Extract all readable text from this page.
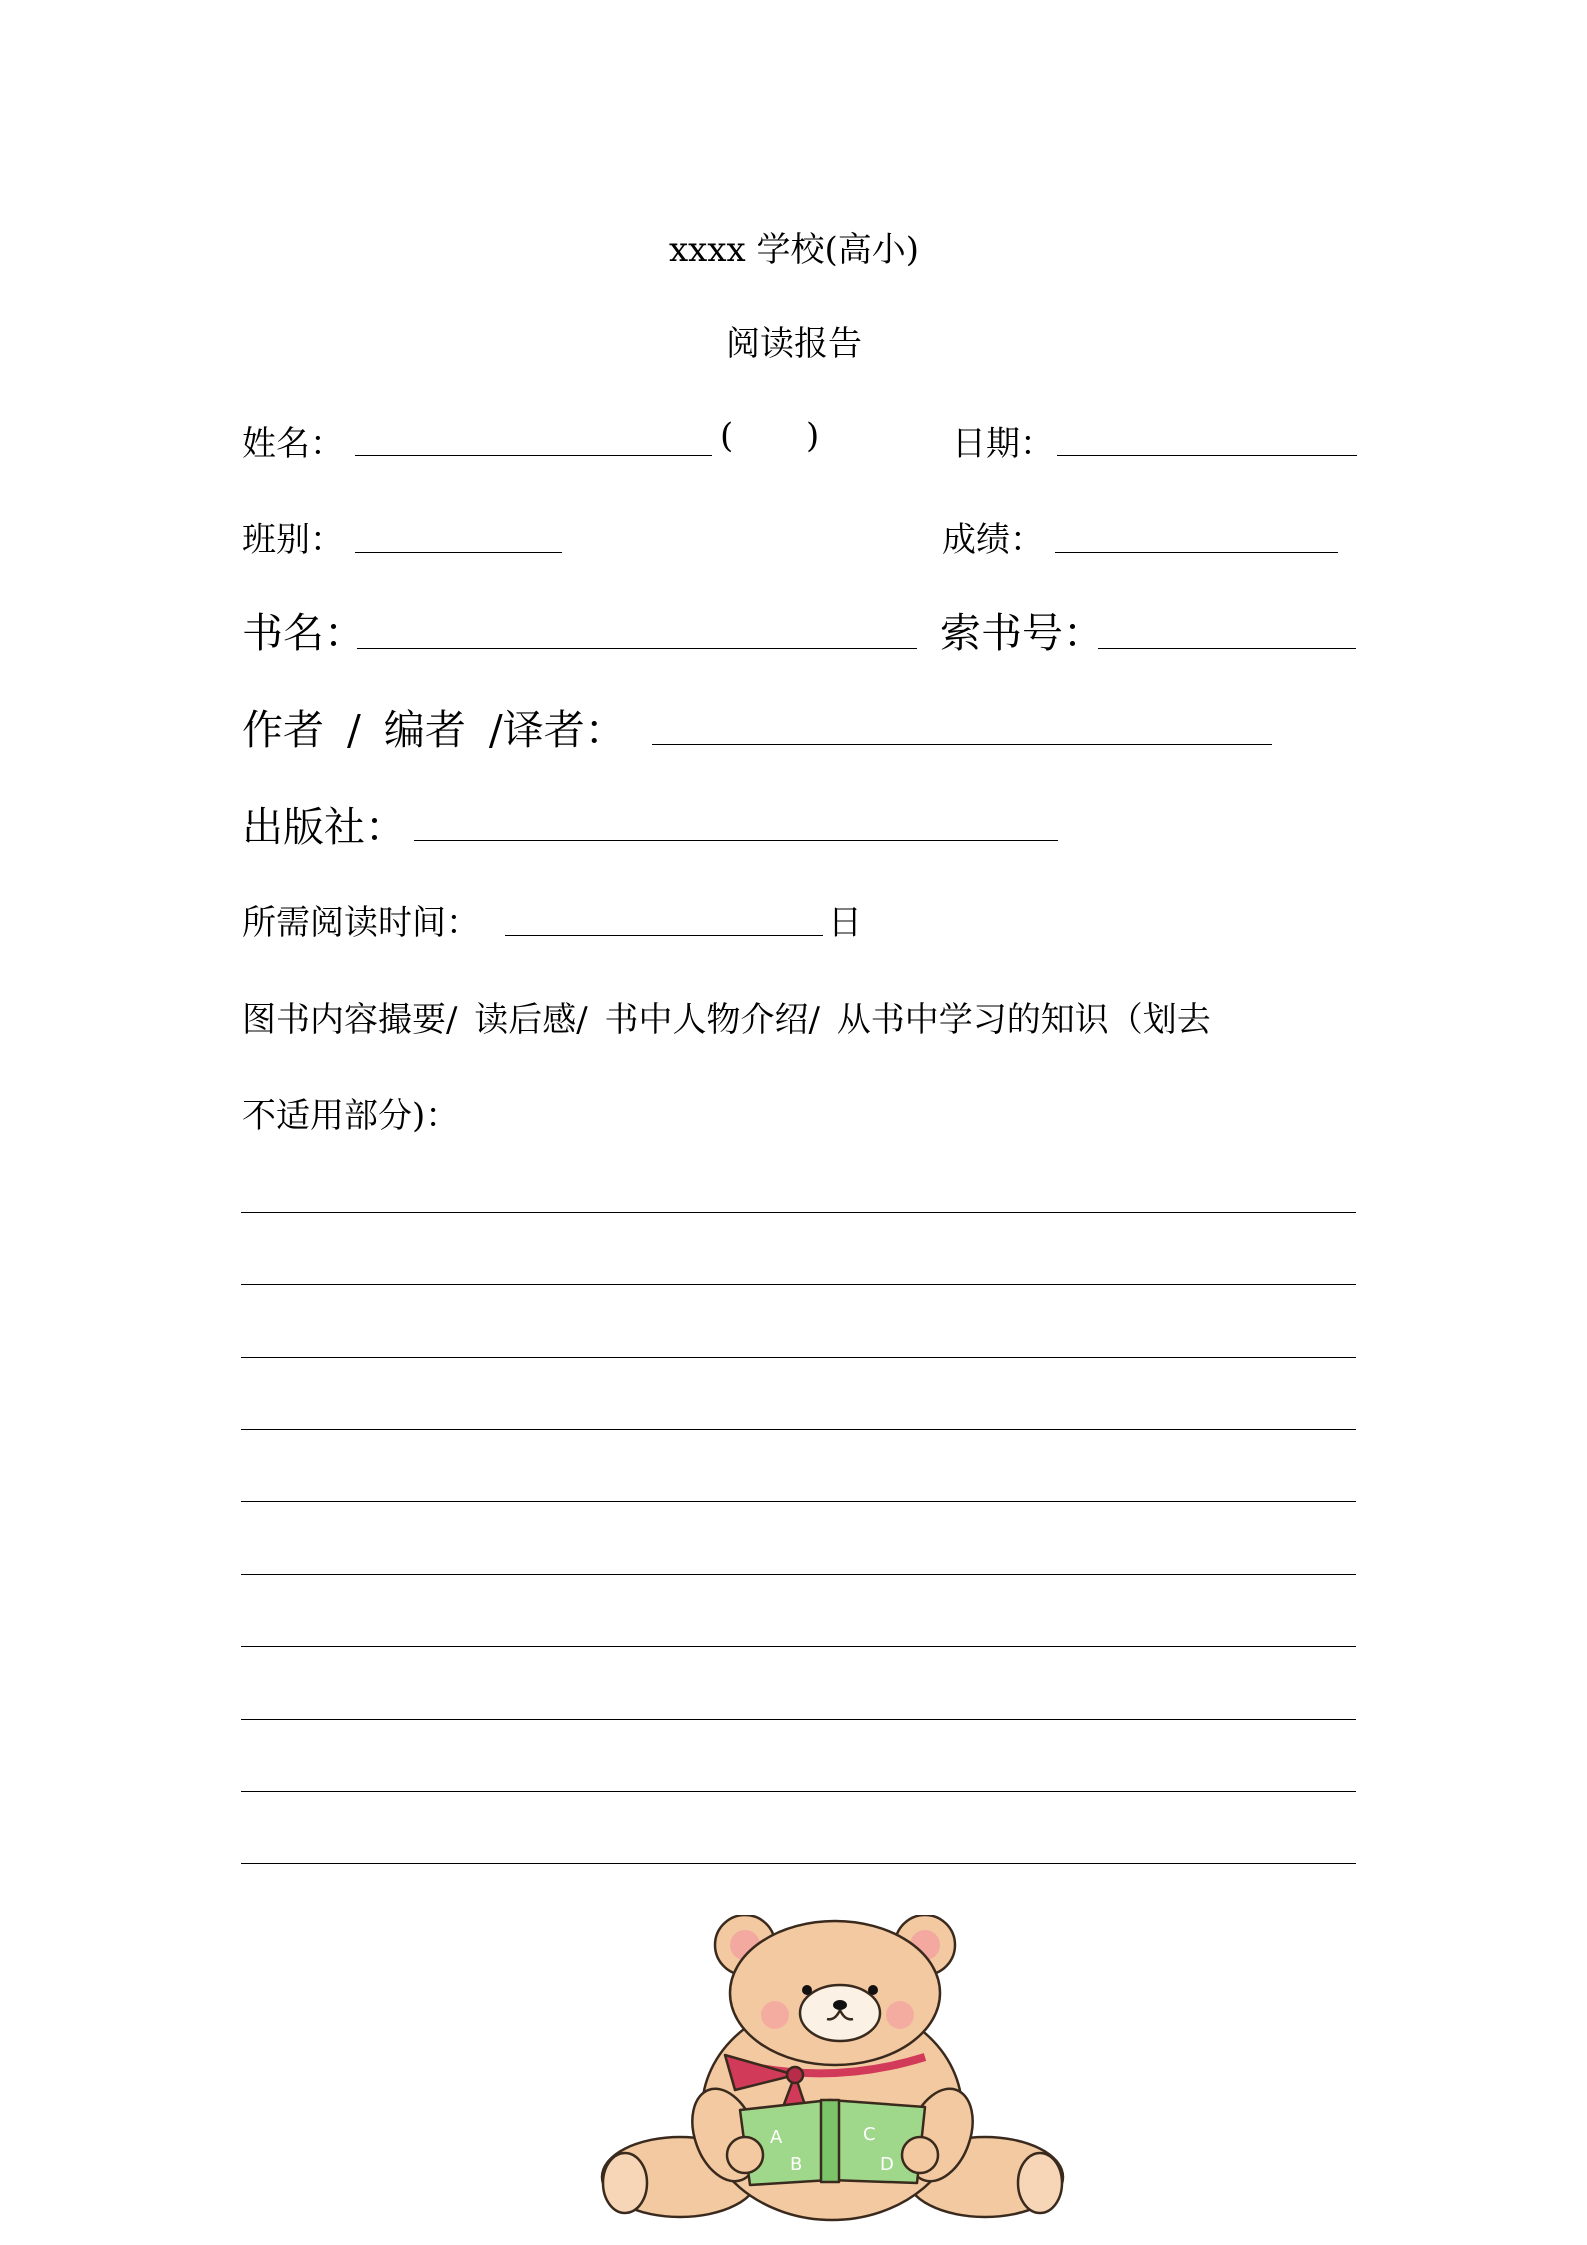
xxxx 学校(高小)
阅读报告
姓名：	( )	日期：
班别：	成绩：
书名：	索书号：
作者 / 编者 /译者：
出版社：
所需阅读时间：	日
图书内容撮要/ 读后感/ 书中人物介绍/ 从书中学习的知识（划去
不适用部分)：
A
B
C
D
